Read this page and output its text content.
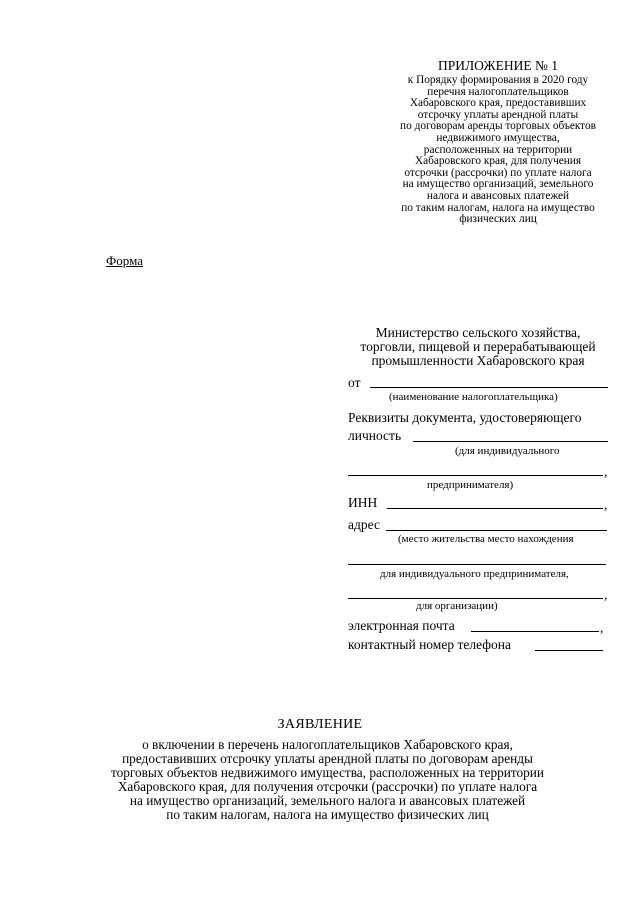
ПРИЛОЖЕНИЕ № 1
к Порядку формирования в 2020 году
перечня налогоплательщиков
Хабаровского края, предоставивших
отсрочку уплаты арендной платы
по договорам аренды торговых объектов
недвижимого имущества,
расположенных на территории
Хабаровского края, для получения
отсрочки (рассрочки) по уплате налога
на имущество организаций, земельного
налога и авансовых платежей
по таким налогам, налога на имущество
физических лиц
Форма
Министерство сельского хозяйства,
торговли, пищевой и перерабатывающей
промышленности Хабаровского края
от
(наименование налогоплательщика)
Реквизиты документа, удостоверяющего
личность
(для индивидуального
,
предпринимателя)
ИНН	,
адрес
(место жительства место нахождения
для индивидуального предпринимателя,
,
для организации)
электронная почта	,
контактный номер телефона
ЗАЯВЛЕНИЕ
о включении в перечень налогоплательщиков Хабаровского края,
предоставивших отсрочку уплаты арендной платы по договорам аренды
торговых объектов недвижимого имущества, расположенных на территории
Хабаровского края, для получения отсрочки (рассрочки) по уплате налога
на имущество организаций, земельного налога и авансовых платежей
по таким налогам, налога на имущество физических лиц
